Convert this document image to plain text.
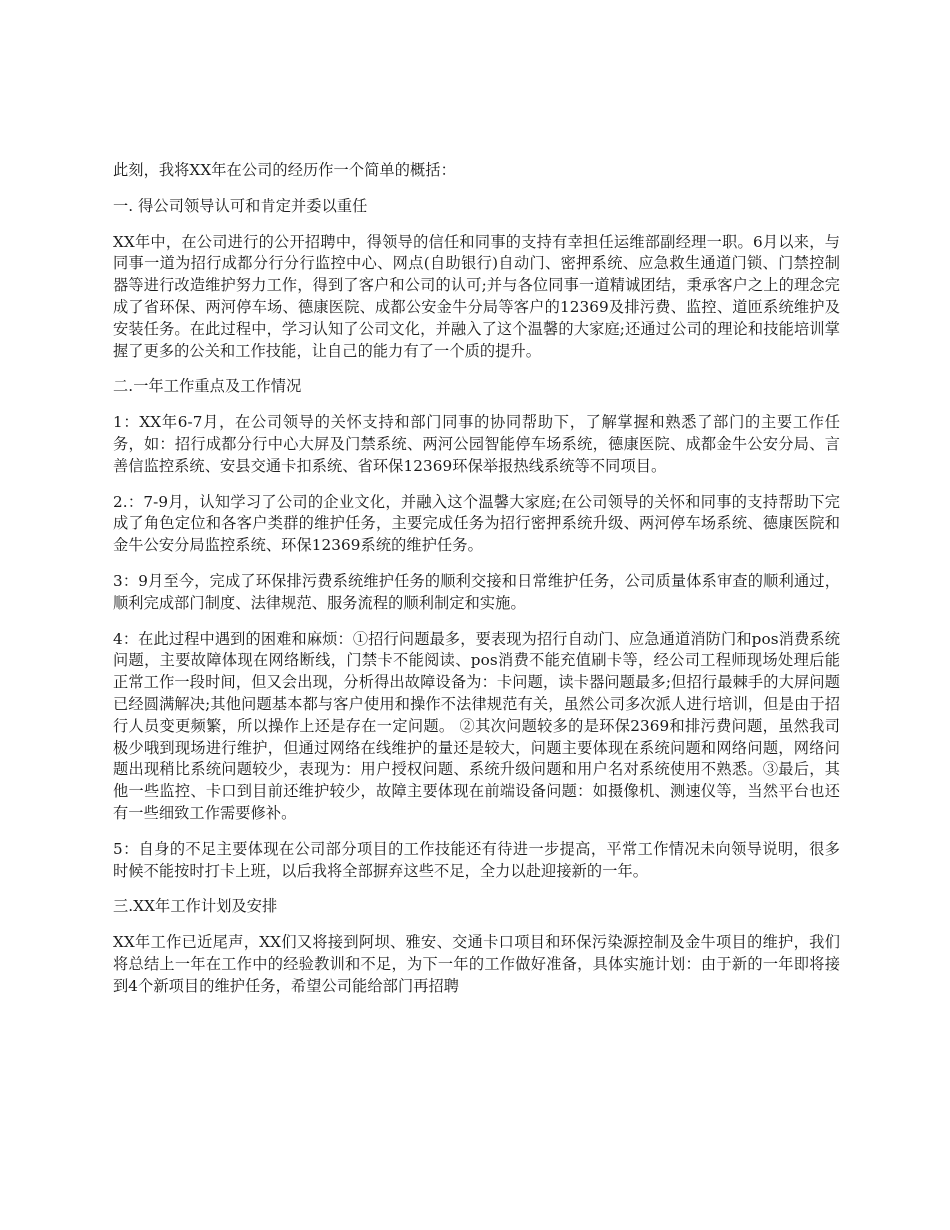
此刻，我将XX年在公司的经历作一个简单的概括：

一. 得公司领导认可和肯定并委以重任

XX年中，在公司进行的公开招聘中，得领导的信任和同事的支持有幸担任运维部副经理一职。6月以来，与同事一道为招行成都分行分行监控中心、网点(自助银行)自动门、密押系统、应急救生通道门锁、门禁控制器等进行改造维护努力工作，得到了客户和公司的认可;并与各位同事一道精诚团结，秉承客户之上的理念完成了省环保、两河停车场、德康医院、成都公安金牛分局等客户的12369及排污费、监控、道匝系统维护及安装任务。在此过程中，学习认知了公司文化，并融入了这个温馨的大家庭;还通过公司的理论和技能培训掌握了更多的公关和工作技能，让自己的能力有了一个质的提升。

二.一年工作重点及工作情况

1：XX年6-7月，在公司领导的关怀支持和部门同事的协同帮助下，了解掌握和熟悉了部门的主要工作任务，如：招行成都分行中心大屏及门禁系统、两河公园智能停车场系统，德康医院、成都金牛公安分局、言善信监控系统、安县交通卡扣系统、省环保12369环保举报热线系统等不同项目。

2.：7-9月，认知学习了公司的企业文化，并融入这个温馨大家庭;在公司领导的关怀和同事的支持帮助下完成了角色定位和各客户类群的维护任务，主要完成任务为招行密押系统升级、两河停车场系统、德康医院和金牛公安分局监控系统、环保12369系统的维护任务。

3：9月至今，完成了环保排污费系统维护任务的顺利交接和日常维护任务，公司质量体系审查的顺利通过，顺利完成部门制度、法律规范、服务流程的顺利制定和实施。

4：在此过程中遇到的困难和麻烦：①招行问题最多，要表现为招行自动门、应急通道消防门和pos消费系统问题，主要故障体现在网络断线，门禁卡不能阅读、pos消费不能充值刷卡等，经公司工程师现场处理后能正常工作一段时间，但又会出现，分析得出故障设备为：卡问题，读卡器问题最多;但招行最棘手的大屏问题已经圆满解决;其他问题基本都与客户使用和操作不法律规范有关，虽然公司多次派人进行培训，但是由于招行人员变更频繁，所以操作上还是存在一定问题。 ②其次问题较多的是环保2369和排污费问题，虽然我司极少哦到现场进行维护，但通过网络在线维护的量还是较大，问题主要体现在系统问题和网络问题，网络问题出现稍比系统问题较少，表现为：用户授权问题、系统升级问题和用户名对系统使用不熟悉。③最后，其他一些监控、卡口到目前还维护较少，故障主要体现在前端设备问题：如摄像机、测速仪等，当然平台也还有一些细致工作需要修补。

5：自身的不足主要体现在公司部分项目的工作技能还有待进一步提高，平常工作情况未向领导说明，很多时候不能按时打卡上班，以后我将全部摒弃这些不足，全力以赴迎接新的一年。

三.XX年工作计划及安排

XX年工作已近尾声，XX们又将接到阿坝、雅安、交通卡口项目和环保污染源控制及金牛项目的维护，我们将总结上一年在工作中的经验教训和不足，为下一年的工作做好准备，具体实施计划：由于新的一年即将接到4个新项目的维护任务，希望公司能给部门再招聘
